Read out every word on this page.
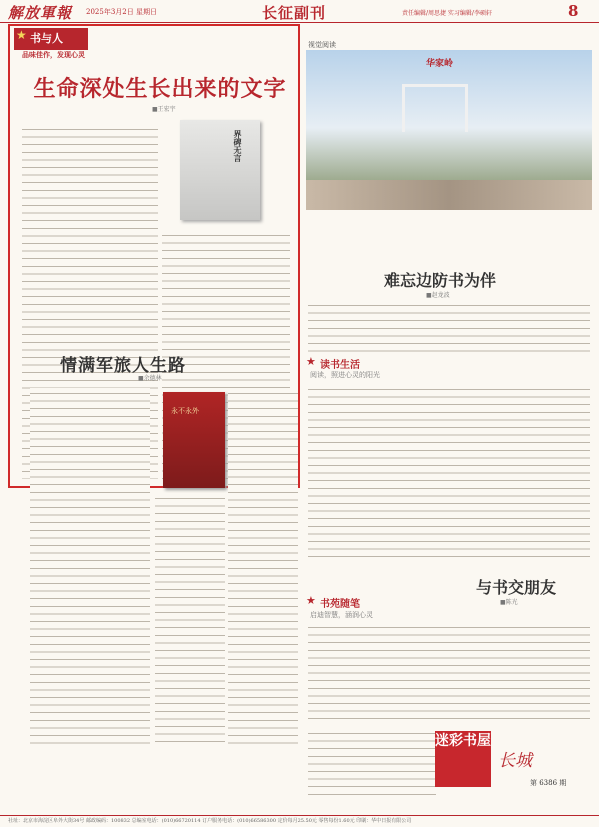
解放軍報 2025年3月2日 星期日	长征副刊	责任编辑/周思捷 实习编辑/李硕轩	8
★ 书与人
品味佳作，发现心灵
生命深处生长出来的文字
■王宏宇
界碑无言
视觉阅读
华家岭
难忘边防书为伴
■赵龙波
情满军旅人生路
■余德林
永不永外
★ 读书生活
阅读，照进心灵的阳光
与书交朋友
■陈光
★ 书苑随笔
启迪智慧，涵润心灵
迷彩书屋
长城
第 6386 期
社址：北京市海淀区阜外大街34号 邮政编码：100832 总编室电话：(010)66720114 订户服务电话：(010)66586300 定价每月25.50元 零售每份1.60元 印刷：华中日报有限公司
